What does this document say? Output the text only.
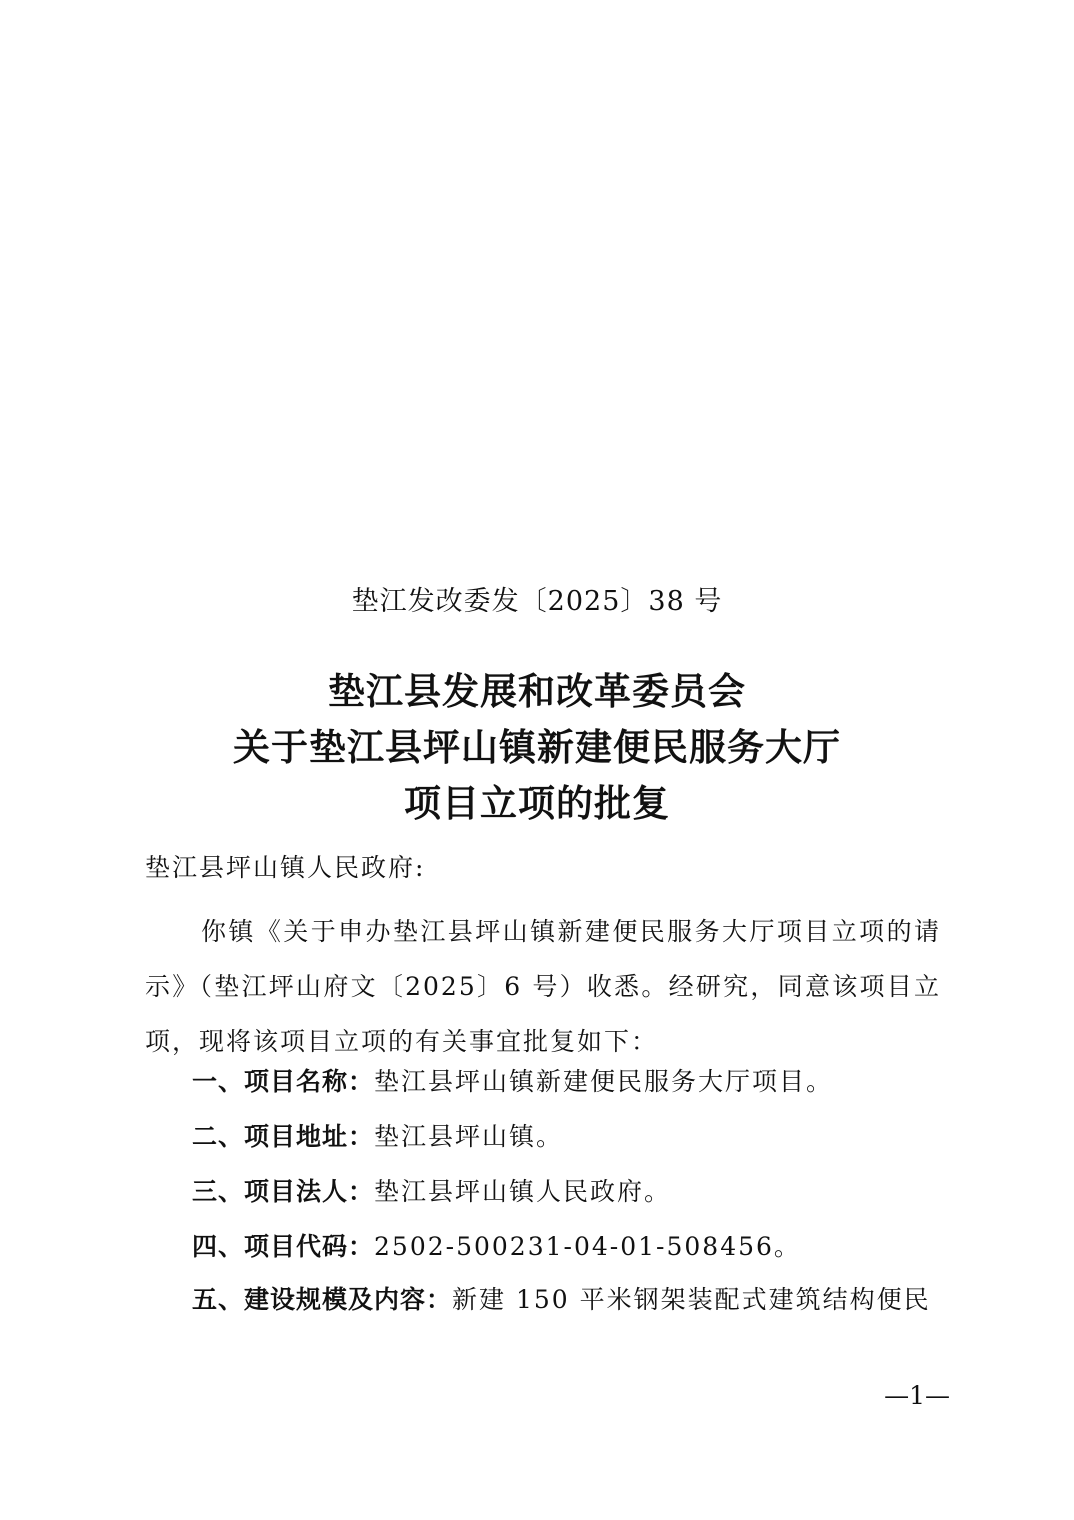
垫江发改委发〔2025〕38 号
垫江县发展和改革委员会
关于垫江县坪山镇新建便民服务大厅
项目立项的批复
垫江县坪山镇人民政府:

你镇《关于申办垫江县坪山镇新建便民服务大厅项目立项的请示》（垫江坪山府文〔2025〕6 号）收悉。经研究，同意该项目立项，现将该项目立项的有关事宜批复如下：

一、项目名称：垫江县坪山镇新建便民服务大厅项目。
二、项目地址：垫江县坪山镇。
三、项目法人：垫江县坪山镇人民政府。
四、项目代码：2502-500231-04-01-508456。
五、建设规模及内容：新建 150 平米钢架装配式建筑结构便民
—1—
